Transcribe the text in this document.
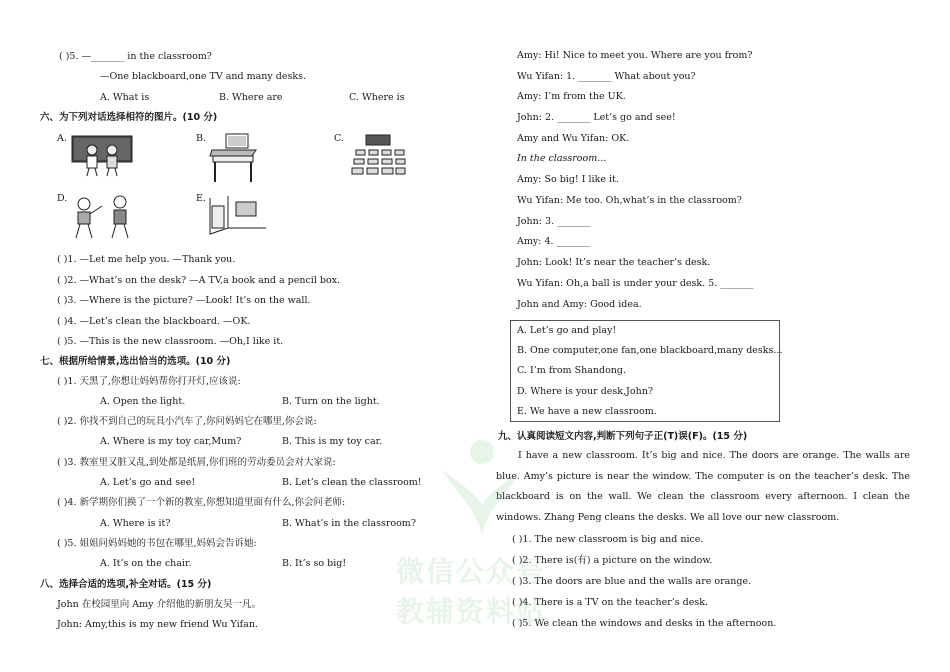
( )5. —_______ in the classroom?
—One blackboard,one TV and many desks.
A. What is	B. Where are	C. Where is
六、为下列对话选择相符的图片。(10 分)
A.	B.	C.
D.	E.
( )1. —Let me help you. —Thank you.
( )2. —What’s on the desk? —A TV,a book and a pencil box.
( )3. —Where is the picture? —Look! It’s on the wall.
( )4. —Let’s clean the blackboard. —OK.
( )5. —This is the new classroom. —Oh,I like it.
七、根据所给情景,选出恰当的选项。(10 分)
( )1. 天黑了,你想让妈妈帮你打开灯,应该说:
A. Open the light.	B. Turn on the light.
( )2. 你找不到自己的玩具小汽车了,你问妈妈它在哪里,你会说:
A. Where is my toy car,Mum?	B. This is my toy car.
( )3. 教室里又脏又乱,到处都是纸屑,你们班的劳动委员会对大家说:
A. Let’s go and see!	B. Let’s clean the classroom!
( )4. 新学期你们换了一个新的教室,你想知道里面有什么,你会问老师:
A. Where is it?	B. What’s in the classroom?
( )5. 姐姐问妈妈她的书包在哪里,妈妈会告诉她:
A. It’s on the chair.	B. It’s so big!
八、选择合适的选项,补全对话。(15 分)
John 在校园里向 Amy 介绍他的新朋友吴一凡。
John: Amy,this is my new friend Wu Yifan.
Amy: Hi! Nice to meet you. Where are you from?
Wu Yifan: 1. _______ What about you?
Amy: I’m from the UK.
John: 2. _______ Let’s go and see!
Amy and Wu Yifan: OK.
In the classroom...
Amy: So big! I like it.
Wu Yifan: Me too. Oh,what’s in the classroom?
John: 3. _______
Amy: 4. _______
John: Look! It’s near the teacher’s desk.
Wu Yifan: Oh,a ball is under your desk. 5. _______
John and Amy: Good idea.
A. Let’s go and play!
B. One computer,one fan,one blackboard,many desks...
C. I’m from Shandong.
D. Where is your desk,John?
E. We have a new classroom.
九、认真阅读短文内容,判断下列句子正(T)误(F)。(15 分)
I have a new classroom. It’s big and nice. The doors are orange. The walls are blue. Amy’s picture is near the window. The computer is on the teacher’s desk. The blackboard is on the wall. We clean the classroom every afternoon. I clean the windows. Zhang Peng cleans the desks. We all love our new classroom.
( )1. The new classroom is big and nice.
( )2. There is(有) a picture on the window.
( )3. The doors are blue and the walls are orange.
( )4. There is a TV on the teacher’s desk.
( )5. We clean the windows and desks in the afternoon.
微信公众号
教辅资料站
